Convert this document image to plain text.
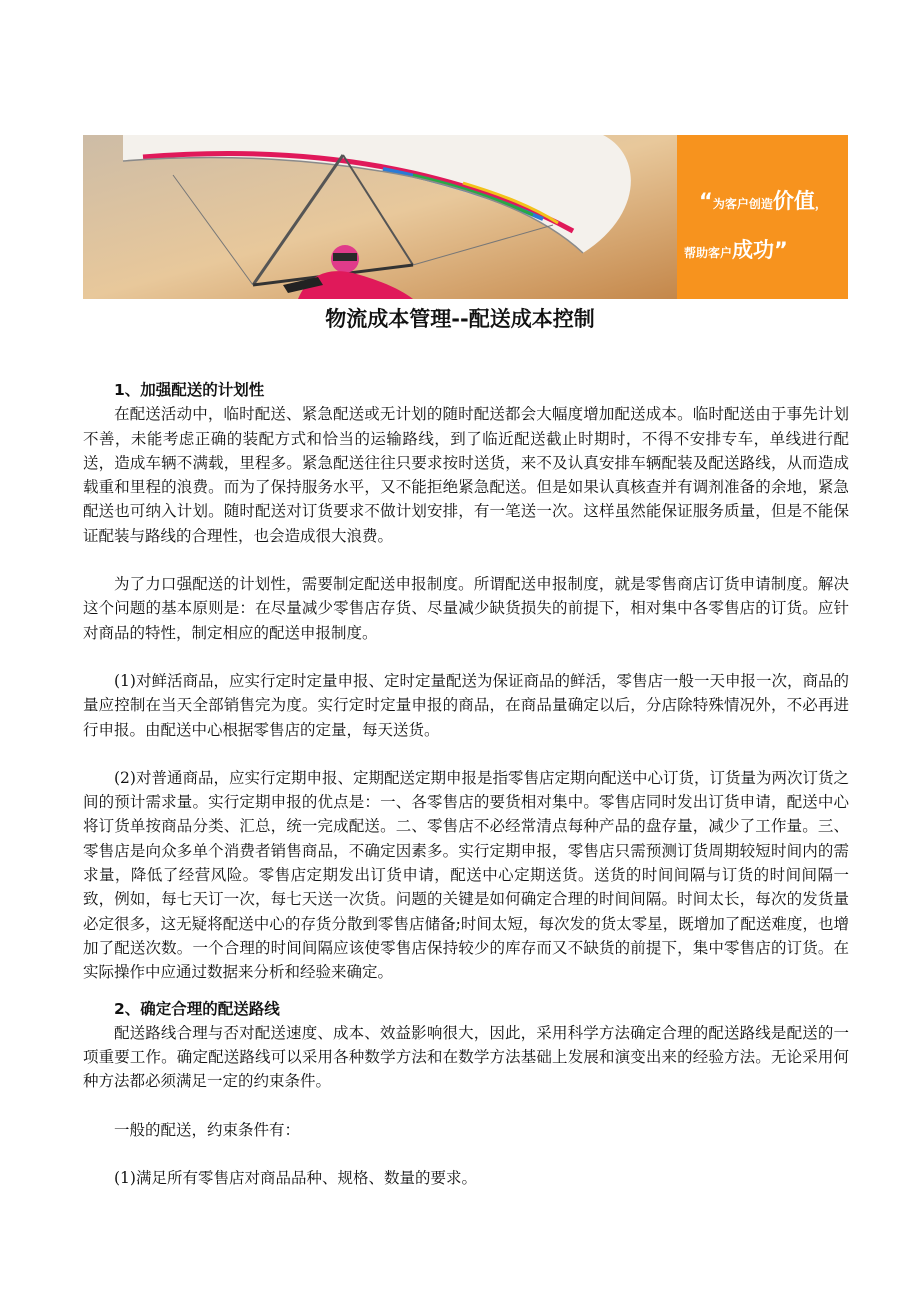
“为客户创造价值，
帮助客户成功”
物流成本管理--配送成本控制
1、加强配送的计划性

在配送活动中，临时配送、紧急配送或无计划的随时配送都会大幅度增加配送成本。临时配送由于事先计划不善，未能考虑正确的装配方式和恰当的运输路线，到了临近配送截止时期时，不得不安排专车，单线进行配送，造成车辆不满载，里程多。紧急配送往往只要求按时送货，来不及认真安排车辆配装及配送路线，从而造成载重和里程的浪费。而为了保持服务水平，又不能拒绝紧急配送。但是如果认真核查并有调剂准备的余地，紧急配送也可纳入计划。随时配送对订货要求不做计划安排，有一笔送一次。这样虽然能保证服务质量，但是不能保证配装与路线的合理性，也会造成很大浪费。

为了力口强配送的计划性，需要制定配送申报制度。所谓配送申报制度，就是零售商店订货申请制度。解决这个问题的基本原则是：在尽量减少零售店存货、尽量减少缺货损失的前提下，相对集中各零售店的订货。应针对商品的特性，制定相应的配送申报制度。

(1)对鲜活商品，应实行定时定量申报、定时定量配送为保证商品的鲜活，零售店一般一天申报一次，商品的量应控制在当天全部销售完为度。实行定时定量申报的商品，在商品量确定以后，分店除特殊情况外，不必再进行申报。由配送中心根据零售店的定量，每天送货。

(2)对普通商品，应实行定期申报、定期配送定期申报是指零售店定期向配送中心订货，订货量为两次订货之间的预计需求量。实行定期申报的优点是：一、各零售店的要货相对集中。零售店同时发出订货申请，配送中心将订货单按商品分类、汇总，统一完成配送。二、零售店不必经常清点每种产品的盘存量，减少了工作量。三、零售店是向众多单个消费者销售商品，不确定因素多。实行定期申报，零售店只需预测订货周期较短时间内的需求量，降低了经营风险。零售店定期发出订货申请，配送中心定期送货。送货的时间间隔与订货的时间间隔一致，例如，每七天订一次，每七天送一次货。问题的关键是如何确定合理的时间间隔。时间太长，每次的发货量必定很多，这无疑将配送中心的存货分散到零售店储备;时间太短，每次发的货太零星，既增加了配送难度，也增加了配送次数。一个合理的时间间隔应该使零售店保持较少的库存而又不缺货的前提下，集中零售店的订货。在实际操作中应通过数据来分析和经验来确定。

2、确定合理的配送路线

配送路线合理与否对配送速度、成本、效益影响很大，因此，采用科学方法确定合理的配送路线是配送的一项重要工作。确定配送路线可以采用各种数学方法和在数学方法基础上发展和演变出来的经验方法。无论采用何种方法都必须满足一定的约束条件。

一般的配送，约束条件有：

(1)满足所有零售店对商品品种、规格、数量的要求。
